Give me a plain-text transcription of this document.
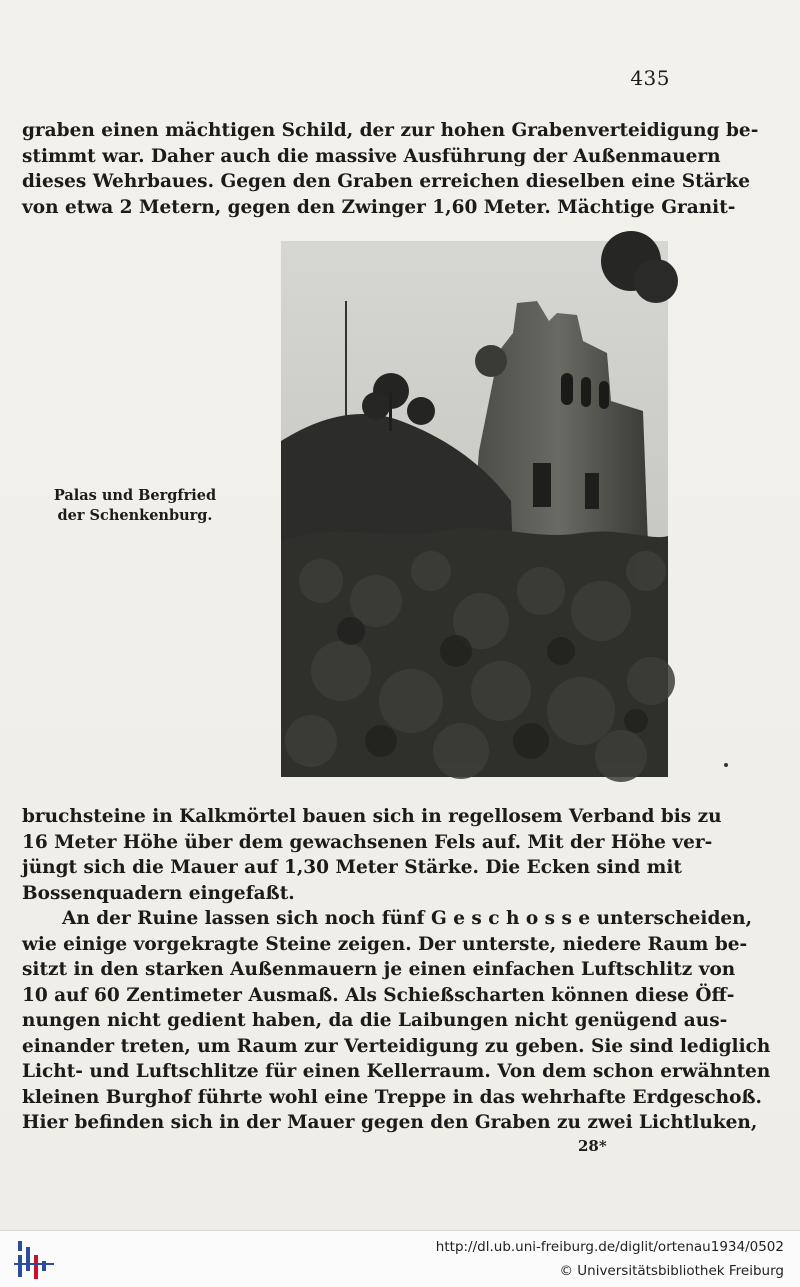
435
graben einen mächtigen Schild, der zur hohen Grabenverteidigung be-
stimmt war. Daher auch die massive Ausführung der Außenmauern
dieses Wehrbaues. Gegen den Graben erreichen dieselben eine Stärke
von etwa 2 Metern, gegen den Zwinger 1,60 Meter. Mächtige Granit-
Palas und Bergfried
der Schenkenburg.
bruchsteine in Kalkmörtel bauen sich in regellosem Verband bis zu
16 Meter Höhe über dem gewachsenen Fels auf. Mit der Höhe ver-
jüngt sich die Mauer auf 1,30 Meter Stärke. Die Ecken sind mit
Bossenquadern eingefaßt.
An der Ruine lassen sich noch fünf G e s c h o s s e unterscheiden,
wie einige vorgekragte Steine zeigen. Der unterste, niedere Raum be-
sitzt in den starken Außenmauern je einen einfachen Luftschlitz von
10 auf 60 Zentimeter Ausmaß. Als Schießscharten können diese Öff-
nungen nicht gedient haben, da die Laibungen nicht genügend aus-
einander treten, um Raum zur Verteidigung zu geben. Sie sind lediglich
Licht- und Luftschlitze für einen Kellerraum. Von dem schon erwähnten
kleinen Burghof führte wohl eine Treppe in das wehrhafte Erdgeschoß.
Hier befinden sich in der Mauer gegen den Graben zu zwei Lichtluken,
28*
http://dl.ub.uni-freiburg.de/diglit/ortenau1934/0502
© Universitätsbibliothek Freiburg
